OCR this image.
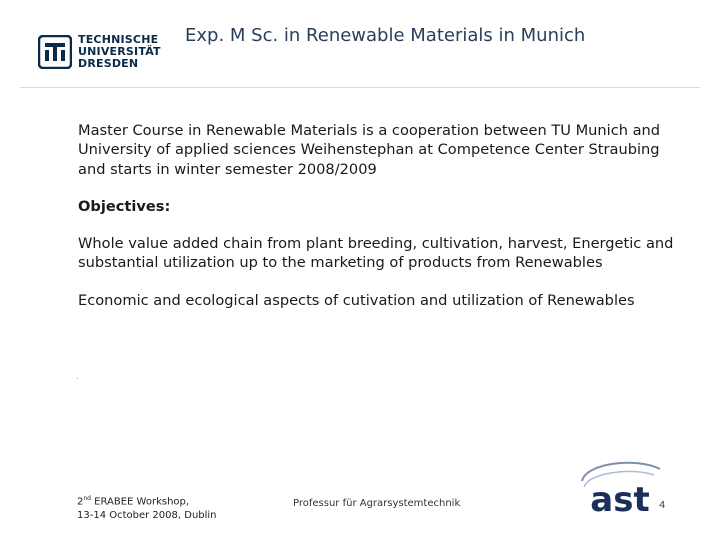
TECHNISCHE
UNIVERSITÄT
DRESDEN
Exp. M Sc. in Renewable Materials in Munich

Master Course in Renewable Materials is a cooperation between TU Munich and University of applied sciences Weihenstephan at Competence Center Straubing and starts in winter semester 2008/2009

Objectives:

Whole value added chain from plant breeding, cultivation, harvest, Energetic and substantial utilization up to the marketing of products from Renewables

Economic and ecological aspects of cutivation and utilization of Renewables

.
2nd ERABEE Workshop,
13-14 October 2008, Dublin
Professur für Agrarsystemtechnik	ast 4
